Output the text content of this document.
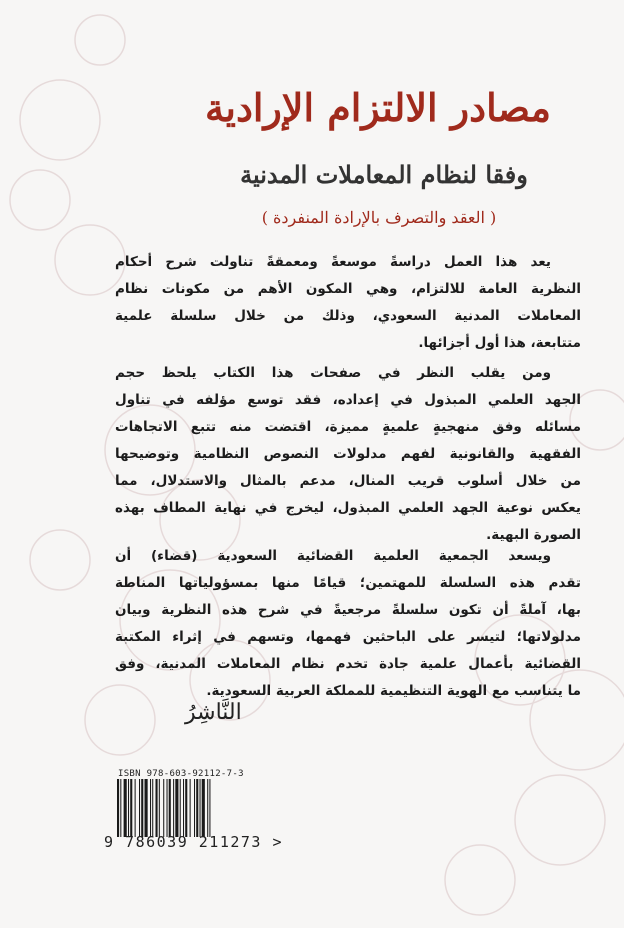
مصادر الالتزام الإرادية
وفقا لنظام المعاملات المدنية
( العقد والتصرف بالإرادة المنفردة )
يعد هذا العمل دراسةً موسعةً ومعمقةً تناولت شرح أحكام
النظرية العامة للالتزام، وهي المكون الأهم من مكونات نظام
المعاملات المدنية السعودي، وذلك من خلال سلسلة علمية
متتابعة، هذا أول أجزائها.
ومن يقلب النظر في صفحات هذا الكتاب يلحظ حجم
الجهد العلمي المبذول في إعداده، فقد توسع مؤلفه في تناول
مسائله وفق منهجيةٍ علميةٍ مميزة، اقتضت منه تتبع الاتجاهات
الفقهية والقانونية لفهم مدلولات النصوص النظامية وتوضيحها
من خلال أسلوب قريب المنال، مدعم بالمثال والاستدلال، مما
يعكس نوعية الجهد العلمي المبذول، ليخرج في نهاية المطاف بهذه
الصورة البهية.
ويسعد الجمعية العلمية القضائية السعودية (قضاء) أن
تقدم هذه السلسلة للمهتمين؛ قيامًا منها بمسؤولياتها المناطة
بها، آملةً أن تكون سلسلةً مرجعيةً في شرح هذه النظرية وبيان
مدلولاتها؛ لتيسر على الباحثين فهمها، وتسهم في إثراء المكتبة
القضائية بأعمال علمية جادة تخدم نظام المعاملات المدنية، وفق
ما يتناسب مع الهوية التنظيمية للمملكة العربية السعودية.
النَّاشِرُ
ISBN 978-603-92112-7-3
9 786039 211273 >
